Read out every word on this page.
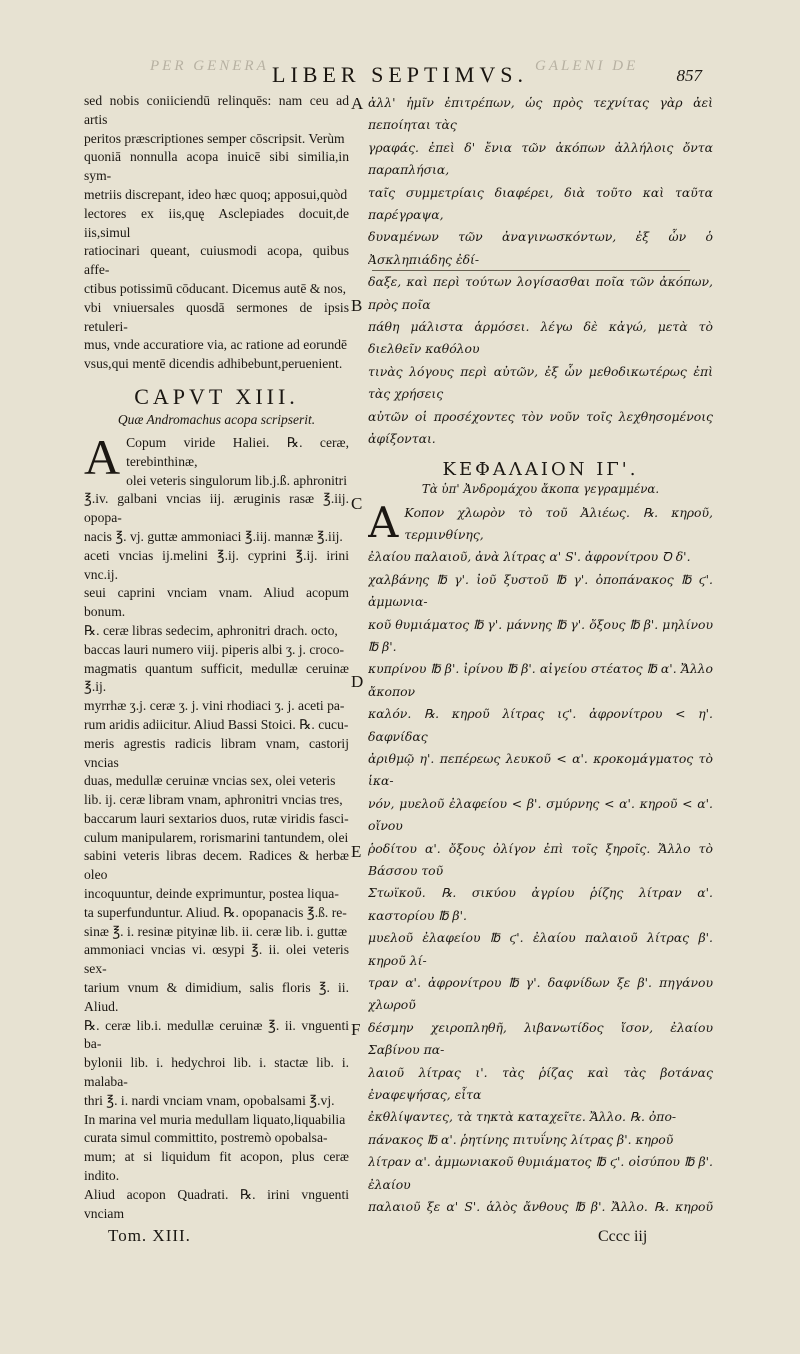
PER GENERA	GALENI DE
LIBER SEPTIMVS.	857

sed nobis coniiciendū relinquēs: nam ceu ad artis
peritos præscriptiones semper cōscripsit. Verùm
quoniā nonnulla acopa inuicē sibi similia,in sym-
metriis discrepant, ideo hæc quoq; apposui,quòd
lectores ex iis,quę Asclepiades docuit,de iis,simul
ratiocinari queant, cuiusmodi acopa, quibus affe-
ctibus potissimū cōducant. Dicemus autē & nos,
vbi vniuersales quosdā sermones de ipsis retuleri-
mus, vnde accuratiore via, ac ratione ad eorundē
vsus,qui mentē dicendis adhibebunt,peruenient.

CAPVT XIII.

Quæ Andromachus acopa scripserit.

A Copum viride Haliei. ℞. ceræ, terebinthinæ,
olei veteris singulorum lib.j.ß. aphronitri
℥.iv. galbani vncias iij. æruginis rasæ ℥.iij. opopa-
nacis ℥. vj. guttæ ammoniaci ℥.iij. mannæ ℥.iij.
aceti vncias ij.melini ℥.ij. cyprini ℥.ij. irini vnc.ij.
seui caprini vnciam vnam. Aliud acopum bonum.
℞. ceræ libras sedecim, aphronitri drach. octo,
baccas lauri numero viij. piperis albi ʒ. j. croco-
magmatis quantum sufficit, medullæ ceruinæ ℥.ij.
myrrhæ ʒ.j. ceræ ʒ. j. vini rhodiaci ʒ. j. aceti pa-
rum aridis adiicitur. Aliud Bassi Stoici. ℞. cucu-
meris agrestis radicis libram vnam, castorij vncias
duas, medullæ ceruinæ vncias sex, olei veteris
lib. ij. ceræ libram vnam, aphronitri vncias tres,
baccarum lauri sextarios duos, rutæ viridis fasci-
culum manipularem, rorismarini tantundem, olei
sabini veteris libras decem. Radices & herbæ oleo
incoquuntur, deinde exprimuntur, postea liqua-
ta superfunduntur. Aliud. ℞. opopanacis ℥.ß. re-
sinæ ℥. i. resinæ pityinæ lib. ii. ceræ lib. i. guttæ
ammoniaci vncias vi. œsypi ℥. ii. olei veteris sex-
tarium vnum & dimidium, salis floris ℥. ii. Aliud.
℞. ceræ lib.i. medullæ ceruinæ ℥. ii. vnguenti ba-
bylonii lib. i. hedychroi lib. i. stactæ lib. i. malaba-
thri ℥. i. nardi vnciam vnam, opobalsami ℥.vj.
In marina vel muria medullam liquato,liquabilia
curata simul committito, postremò opobalsa-
mum; at si liquidum fit acopon, plus ceræ indito.
Aliud acopon Quadrati. ℞. irini vnguenti vnciam

A
B
C
D
E
F

ἀλλ' ἡμῖν ἐπιτρέπων, ὡς πρὸς τεχνίτας γὰρ ἀεὶ πεποίηται τὰς
γραφάς. ἐπεὶ δ' ἔνια τῶν ἀκόπων ἀλλήλοις ὄντα παραπλήσια,
ταῖς συμμετρίαις διαφέρει, διὰ τοῦτο καὶ ταῦτα παρέγραψα,
δυναμένων τῶν ἀναγινωσκόντων, ἐξ ὧν ὁ Ἀσκληπιάδης ἐδί-
δαξε, καὶ περὶ τούτων λογίσασθαι ποῖα τῶν ἀκόπων, πρὸς ποῖα
πάθη μάλιστα ἁρμόσει. λέγω δὲ κἀγώ, μετὰ τὸ διελθεῖν καθόλου
τινὰς λόγους περὶ αὐτῶν, ἐξ ὧν μεθοδικωτέρως ἐπὶ τὰς χρήσεις
αὐτῶν οἱ προσέχοντες τὸν νοῦν τοῖς λεχθησομένοις ἀφίξονται.

ΚΕΦΑΛΑΙΟΝ ΙΓ'.

Τὰ ὑπ' Ἀνδρομάχου ἄκοπα γεγραμμένα.

Α Κοπον χλωρὸν τὸ τοῦ Ἀλιέως. ℞. κηροῦ, τερμινθίνης,
ἐλαίου παλαιοῦ, ἀνὰ λίτρας α' S'. ἀφρονίτρου Ꝺ δ'.
χαλβάνης ℔ γ'. ἰοῦ ξυστοῦ ℔ γ'. ὀποπάνακος ℔ ϛ'. ἀμμωνια-
κοῦ θυμιάματος ℔ γ'. μάννης ℔ γ'. ὄξους ℔ β'. μηλίνου ℔ β'.
κυπρίνου ℔ β'. ἰρίνου ℔ β'. αἰγείου στέατος ℔ α'. Ἄλλο ἄκοπον
καλόν. ℞. κηροῦ λίτρας ιϛ'. ἀφρονίτρου < η'. δαφνίδας
ἀριθμῷ η'. πεπέρεως λευκοῦ < α'. κροκομάγματος τὸ ἱκα-
νόν, μυελοῦ ἐλαφείου < β'. σμύρνης < α'. κηροῦ < α'. οἴνου
ῥοδίτου α'. ὄξους ὀλίγον ἐπὶ τοῖς ξηροῖς. Ἄλλο τὸ Βάσσου τοῦ
Στωϊκοῦ. ℞. σικύου ἀγρίου ῥίζης λίτραν α'. καστορίου ℔ β'.
μυελοῦ ἐλαφείου ℔ ϛ'. ἐλαίου παλαιοῦ λίτρας β'. κηροῦ λί-
τραν α'. ἀφρονίτρου ℔ γ'. δαφνίδων ξε β'. πηγάνου χλωροῦ
δέσμην χειροπληθῆ, λιβανωτίδος ἴσον, ἐλαίου Σαβίνου πα-
λαιοῦ λίτρας ι'. τὰς ῥίζας καὶ τὰς βοτάνας ἐναφεψήσας, εἶτα
ἐκθλίψαντες, τὰ τηκτὰ καταχεῖτε. Ἄλλο. ℞. ὀπο-
πάνακος ℔ α'. ῥητίνης πιτυΐνης λίτρας β'. κηροῦ
λίτραν α'. ἀμμωνιακοῦ θυμιάματος ℔ ϛ'. οἰσύπου ℔ β'. ἐλαίου
παλαιοῦ ξε α' S'. ἁλὸς ἄνθους ℔ β'. Ἄλλο. ℞. κηροῦ

Tom. XIII.	Cccc iij
